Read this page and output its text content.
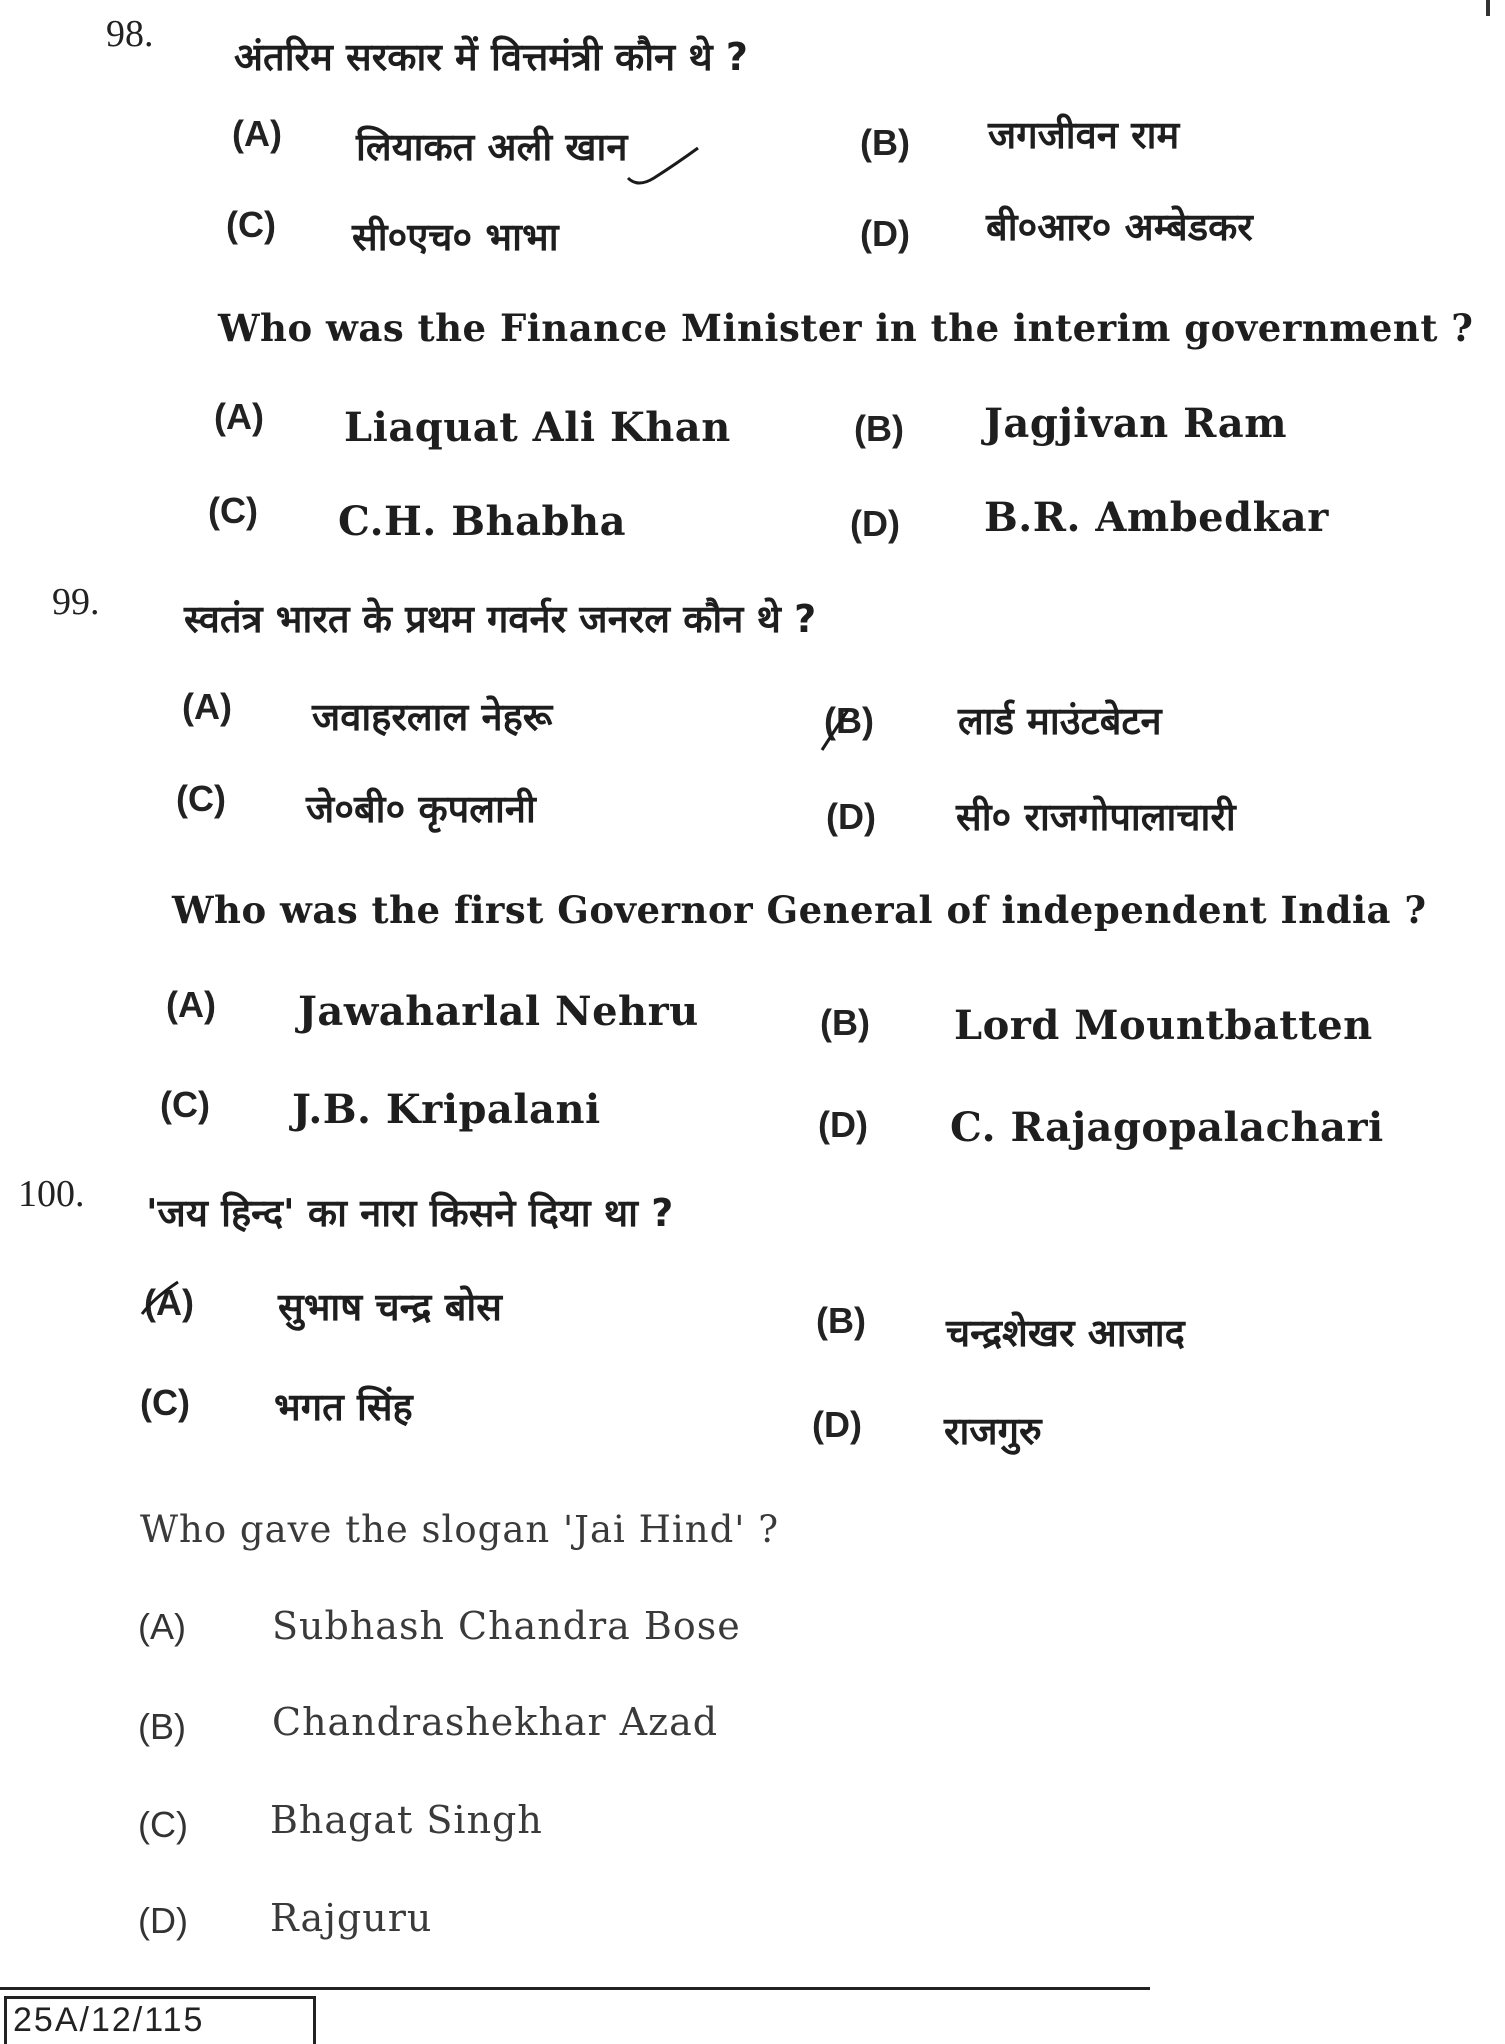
98.
अंतरिम सरकार में वित्तमंत्री कौन थे ?
(A) लियाकत अली खान	(B) जगजीवन राम
(C) सी०एच० भाभा	(D) बी०आर० अम्बेडकर
Who was the Finance Minister in the interim government ?
(A) Liaquat Ali Khan	(B) Jagjivan Ram
(C) C.H. Bhabha	(D) B.R. Ambedkar
99. स्वतंत्र भारत के प्रथम गवर्नर जनरल कौन थे ?
(A) जवाहरलाल नेहरू	(B) लार्ड माउंटबेटन
(C) जे०बी० कृपलानी	(D) सी० राजगोपालाचारी
Who was the first Governor General of independent India ?
(A) Jawaharlal Nehru	(B) Lord Mountbatten
(C) J.B. Kripalani	(D) C. Rajagopalachari
100. 'जय हिन्द' का नारा किसने दिया था ?
(A) सुभाष चन्द्र बोस	(B) चन्द्रशेखर आजाद
(C) भगत सिंह	(D) राजगुरु
Who gave the slogan 'Jai Hind' ?
(A) Subhash Chandra Bose
(B) Chandrashekhar Azad
(C) Bhagat Singh
(D) Rajguru
25A/12/115
